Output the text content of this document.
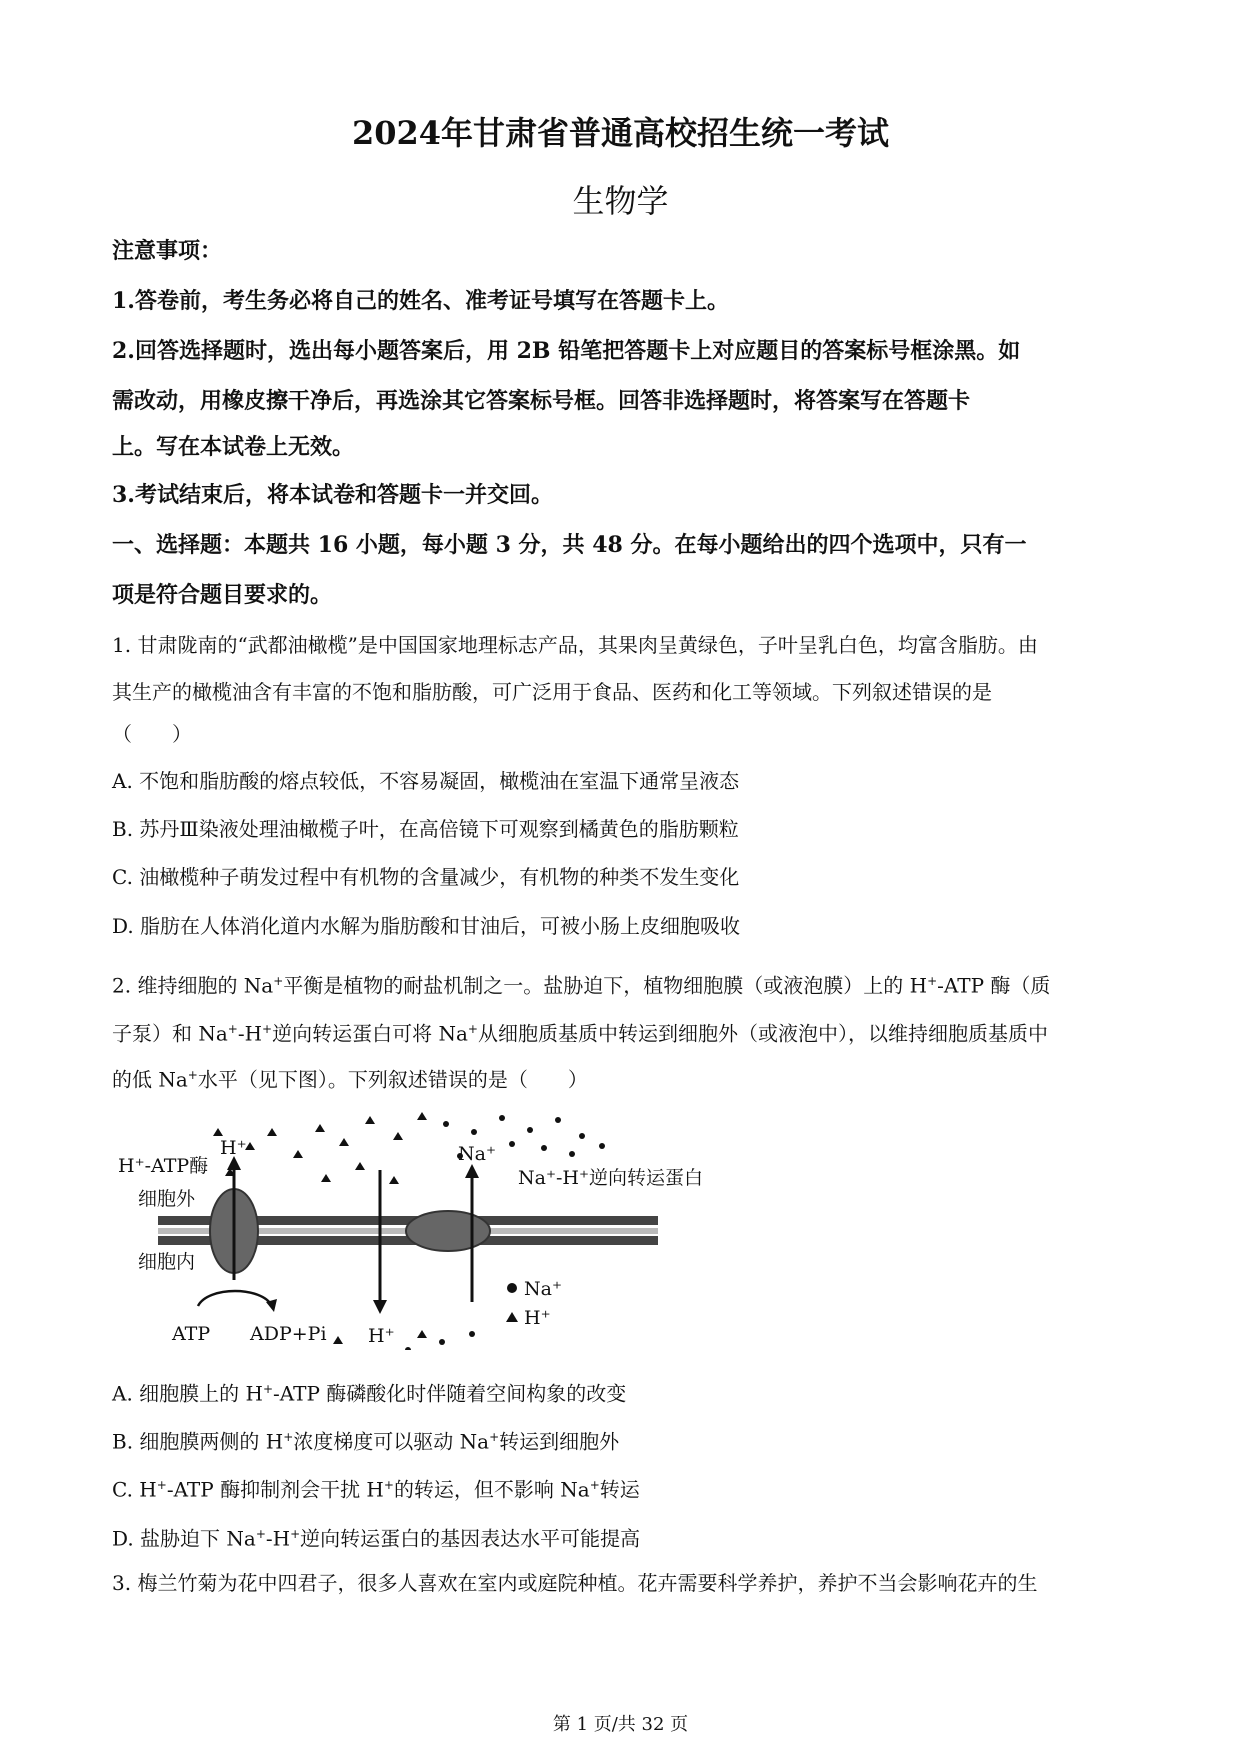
2024年甘肃省普通高校招生统一考试
生物学
注意事项：
1.答卷前，考生务必将自己的姓名、准考证号填写在答题卡上。
2.回答选择题时，选出每小题答案后，用 2B 铅笔把答题卡上对应题目的答案标号框涂黑。如
需改动，用橡皮擦干净后，再选涂其它答案标号框。回答非选择题时，将答案写在答题卡
上。写在本试卷上无效。
3.考试结束后，将本试卷和答题卡一并交回。
一、选择题：本题共 16 小题，每小题 3 分，共 48 分。在每小题给出的四个选项中，只有一
项是符合题目要求的。
1. 甘肃陇南的“武都油橄榄”是中国国家地理标志产品，其果肉呈黄绿色，子叶呈乳白色，均富含脂肪。由
其生产的橄榄油含有丰富的不饱和脂肪酸，可广泛用于食品、医药和化工等领域。下列叙述错误的是
（　　）
A. 不饱和脂肪酸的熔点较低，不容易凝固，橄榄油在室温下通常呈液态
B. 苏丹Ⅲ染液处理油橄榄子叶，在高倍镜下可观察到橘黄色的脂肪颗粒
C. 油橄榄种子萌发过程中有机物的含量减少，有机物的种类不发生变化
D. 脂肪在人体消化道内水解为脂肪酸和甘油后，可被小肠上皮细胞吸收
2. 维持细胞的 Na+平衡是植物的耐盐机制之一。盐胁迫下，植物细胞膜（或液泡膜）上的 H+-ATP 酶（质
子泵）和 Na+-H+逆向转运蛋白可将 Na+从细胞质基质中转运到细胞外（或液泡中），以维持细胞质基质中
的低 Na+水平（见下图）。下列叙述错误的是（　　）
H⁺-ATP酶
细胞外
细胞内
H⁺	Na⁺
Na⁺-H⁺逆向转运蛋白
H⁺
ATP ADP+Pi
Na⁺
H⁺
A. 细胞膜上的 H+-ATP 酶磷酸化时伴随着空间构象的改变
B. 细胞膜两侧的 H+浓度梯度可以驱动 Na+转运到细胞外
C. H+-ATP 酶抑制剂会干扰 H+的转运，但不影响 Na+转运
D. 盐胁迫下 Na+-H+逆向转运蛋白的基因表达水平可能提高
3. 梅兰竹菊为花中四君子，很多人喜欢在室内或庭院种植。花卉需要科学养护，养护不当会影响花卉的生
第 1 页/共 32 页
